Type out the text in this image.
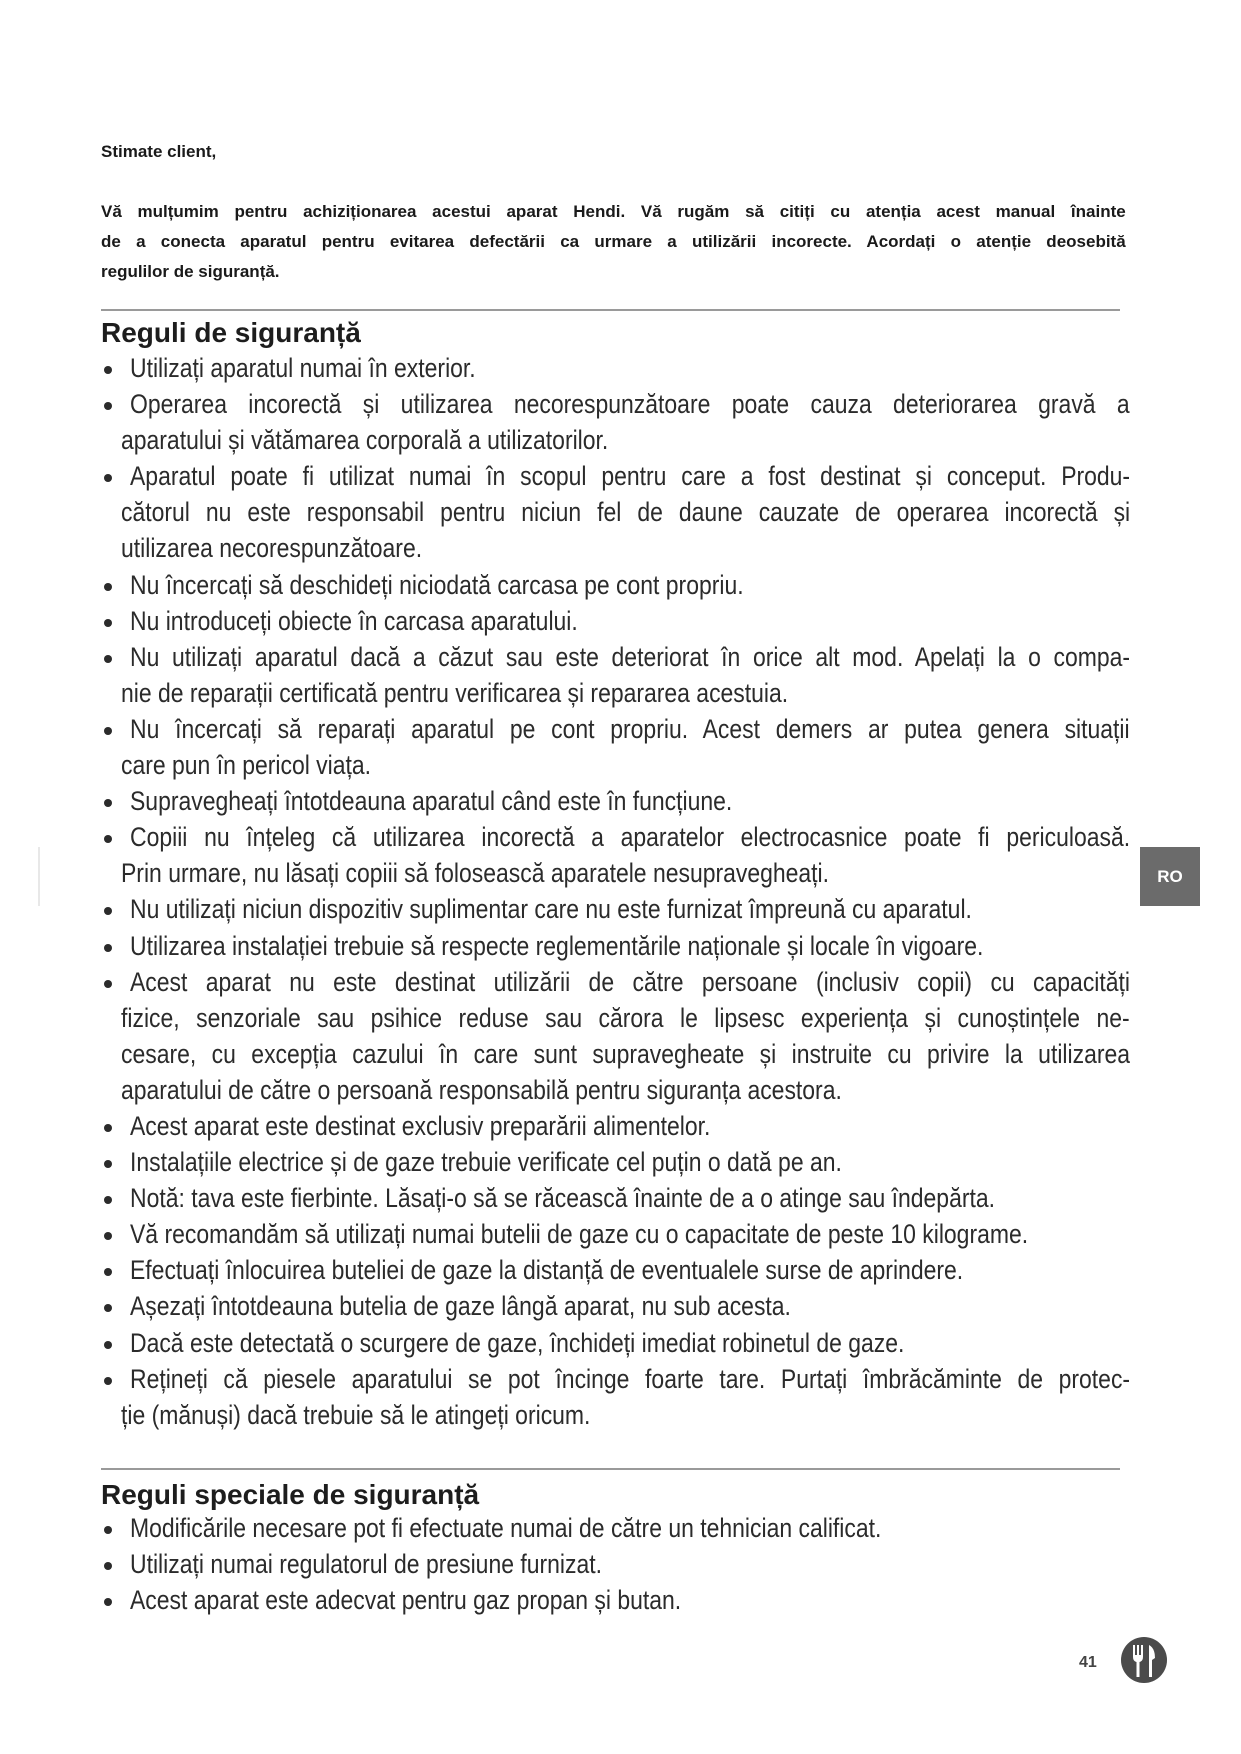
Stimate client,
Vă mulțumim pentru achiziționarea acestui aparat Hendi. Vă rugăm să citiți cu atenția acest manual înainte
de a conecta aparatul pentru evitarea defectării ca urmare a utilizării incorecte. Acordați o atenție deosebită
regulilor de siguranță.
Reguli de siguranță
Utilizați aparatul numai în exterior.
Operarea incorectă și utilizarea necorespunzătoare poate cauza deteriorarea gravă a
aparatului și vătămarea corporală a utilizatorilor.
Aparatul poate fi utilizat numai în scopul pentru care a fost destinat și conceput. Produ-
cătorul nu este responsabil pentru niciun fel de daune cauzate de operarea incorectă și
utilizarea necorespunzătoare.
Nu încercați să deschideți niciodată carcasa pe cont propriu.
Nu introduceți obiecte în carcasa aparatului.
Nu utilizați aparatul dacă a căzut sau este deteriorat în orice alt mod. Apelați la o compa-
nie de reparații certificată pentru verificarea și repararea acestuia.
Nu încercați să reparați aparatul pe cont propriu. Acest demers ar putea genera situații
care pun în pericol viața.
Supravegheați întotdeauna aparatul când este în funcțiune.
Copiii nu înțeleg că utilizarea incorectă a aparatelor electrocasnice poate fi periculoasă.
Prin urmare, nu lăsați copiii să folosească aparatele nesupravegheați.
Nu utilizați niciun dispozitiv suplimentar care nu este furnizat împreună cu aparatul.
Utilizarea instalației trebuie să respecte reglementările naționale și locale în vigoare.
Acest aparat nu este destinat utilizării de către persoane (inclusiv copii) cu capacități
fizice, senzoriale sau psihice reduse sau cărora le lipsesc experiența și cunoștințele ne-
cesare, cu excepția cazului în care sunt supravegheate și instruite cu privire la utilizarea
aparatului de către o persoană responsabilă pentru siguranța acestora.
Acest aparat este destinat exclusiv preparării alimentelor.
Instalațiile electrice și de gaze trebuie verificate cel puțin o dată pe an.
Notă: tava este fierbinte. Lăsați-o să se răcească înainte de a o atinge sau îndepărta.
Vă recomandăm să utilizați numai butelii de gaze cu o capacitate de peste 10 kilograme.
Efectuați înlocuirea buteliei de gaze la distanță de eventualele surse de aprindere.
Așezați întotdeauna butelia de gaze lângă aparat, nu sub acesta.
Dacă este detectată o scurgere de gaze, închideți imediat robinetul de gaze.
Rețineți că piesele aparatului se pot încinge foarte tare. Purtați îmbrăcăminte de protec-
ție (mănuși) dacă trebuie să le atingeți oricum.
Reguli speciale de siguranță
Modificările necesare pot fi efectuate numai de către un tehnician calificat.
Utilizați numai regulatorul de presiune furnizat.
Acest aparat este adecvat pentru gaz propan și butan.
RO
41
